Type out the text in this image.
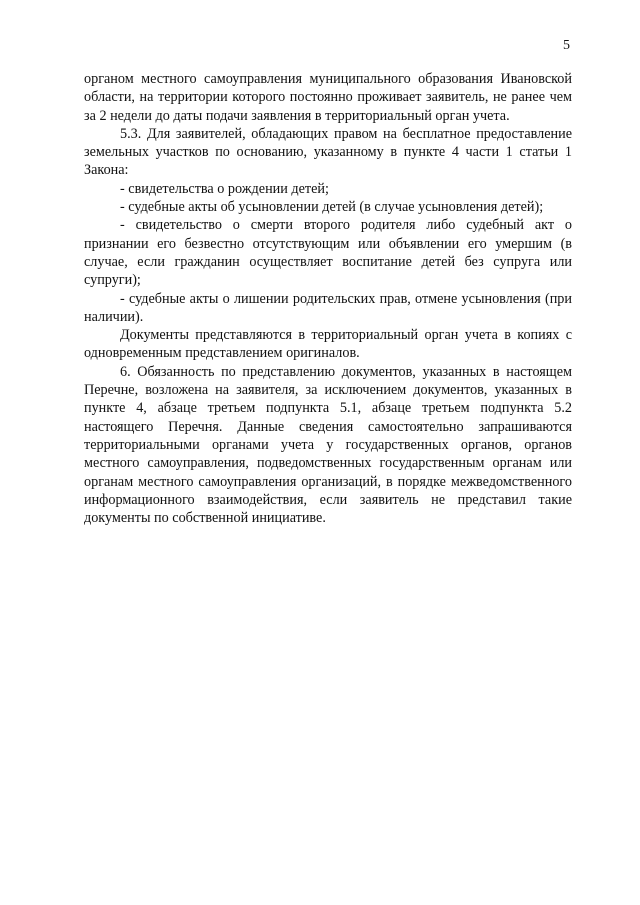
5

органом местного самоуправления муниципального образования Ивановской области, на территории которого постоянно проживает заявитель, не ранее чем за 2 недели до даты подачи заявления в территориальный орган учета.

5.3. Для заявителей, обладающих правом на бесплатное предоставление земельных участков по основанию, указанному в пункте 4 части 1 статьи 1 Закона:

- свидетельства о рождении детей;

- судебные акты об усыновлении детей (в случае усыновления детей);

- свидетельство о смерти второго родителя либо судебный акт о признании его безвестно отсутствующим или объявлении его умершим (в случае, если гражданин осуществляет воспитание детей без супруга или супруги);

- судебные акты о лишении родительских прав, отмене усыновления (при наличии).

Документы представляются в территориальный орган учета в копиях с одновременным представлением оригиналов.

6. Обязанность по представлению документов, указанных в настоящем Перечне, возложена на заявителя, за исключением документов, указанных в пункте 4, абзаце третьем подпункта 5.1, абзаце третьем подпункта 5.2 настоящего Перечня. Данные сведения самостоятельно запрашиваются территориальными органами учета у государственных органов, органов местного самоуправления, подведомственных государственным органам или органам местного самоуправления организаций, в порядке межведомственного информационного взаимодействия, если заявитель не представил такие документы по собственной инициативе.
